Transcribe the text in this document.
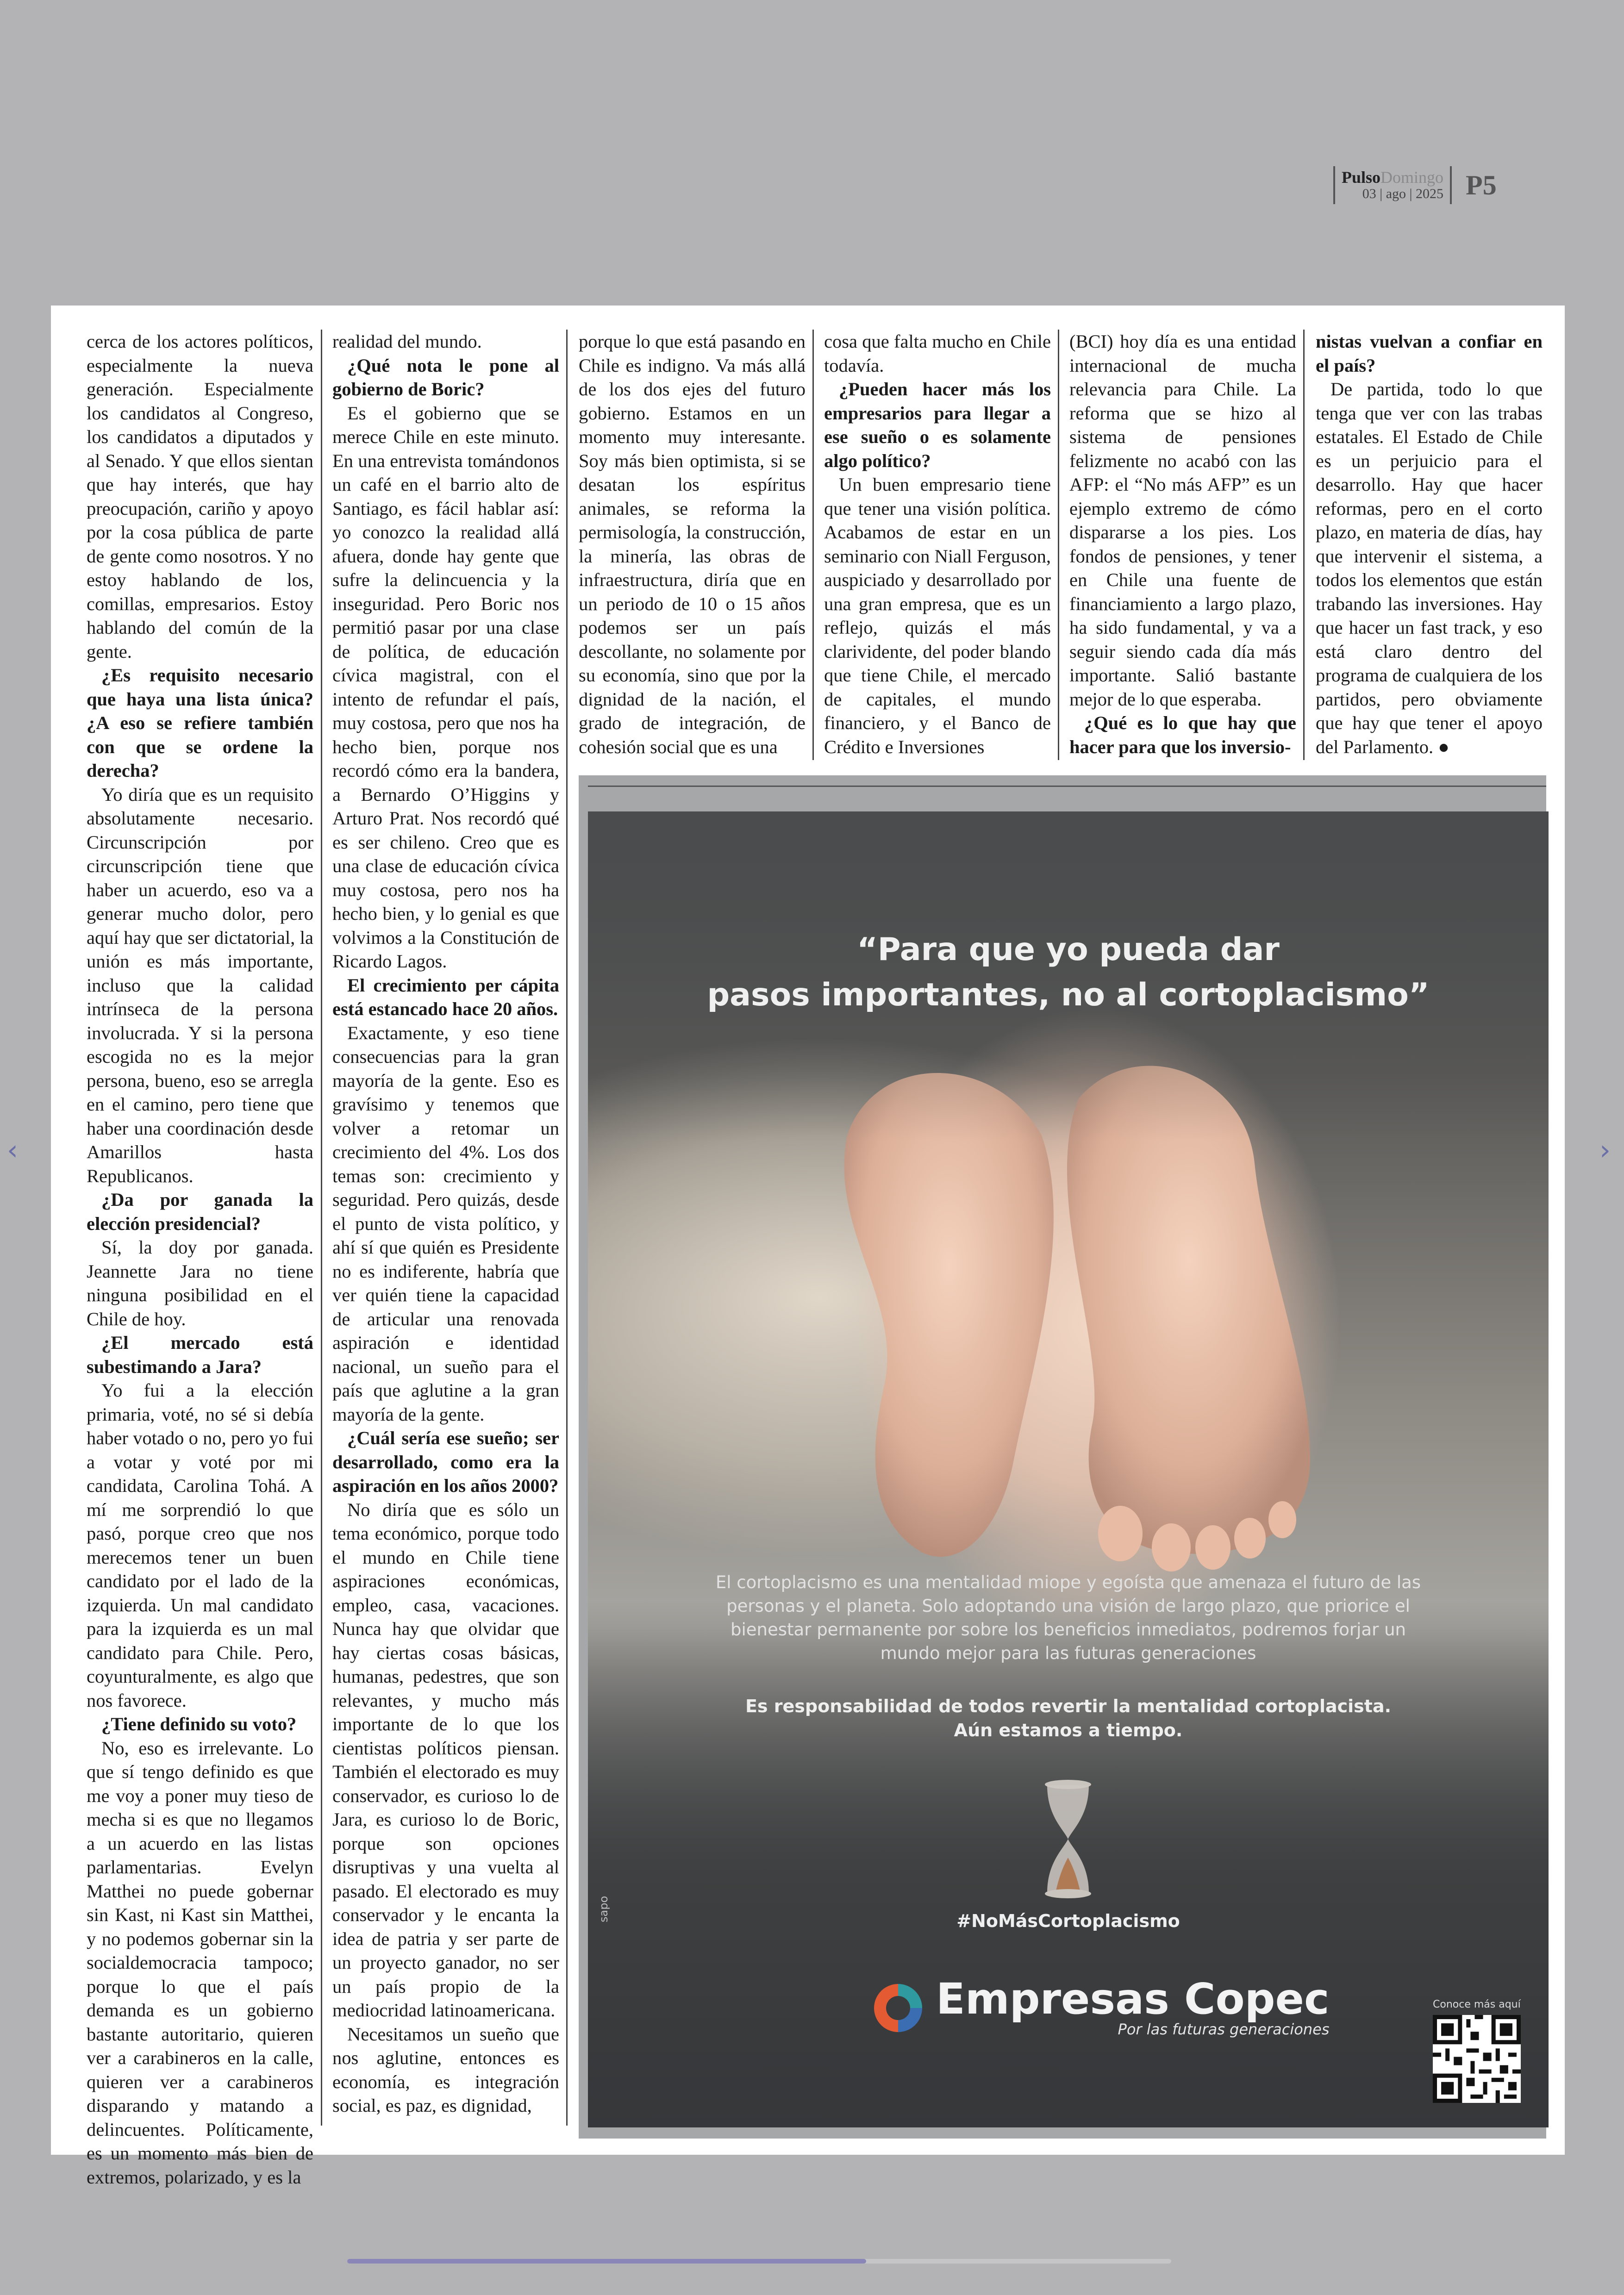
PulsoDomingo
03 | ago | 2025 P5

cerca de los actores políticos, especialmente la nueva generación. Especialmente los candidatos al Congreso, los candidatos a diputados y al Senado. Y que ellos sientan que hay interés, que hay preocupación, cariño y apoyo por la cosa pública de parte de gente como nosotros. Y no estoy hablando de los, comillas, empresarios. Estoy hablando del común de la gente.

¿Es requisito necesario que haya una lista única? ¿A eso se refiere también con que se ordene la derecha?

Yo diría que es un requisito absolutamente necesario. Circunscripción por circunscripción tiene que haber un acuerdo, eso va a generar mucho dolor, pero aquí hay que ser dictatorial, la unión es más importante, incluso que la calidad intrínseca de la persona involucrada. Y si la persona escogida no es la mejor persona, bueno, eso se arregla en el camino, pero tiene que haber una coordinación desde Amarillos hasta Republicanos.

¿Da por ganada la elección presidencial?

Sí, la doy por ganada. Jeannette Jara no tiene ninguna posibilidad en el Chile de hoy.

¿El mercado está subestimando a Jara?

Yo fui a la elección primaria, voté, no sé si debía haber votado o no, pero yo fui a votar y voté por mi candidata, Carolina Tohá. A mí me sorprendió lo que pasó, porque creo que nos merecemos tener un buen candidato por el lado de la izquierda. Un mal candidato para la izquierda es un mal candidato para Chile. Pero, coyunturalmente, es algo que nos favorece.

¿Tiene definido su voto?

No, eso es irrelevante. Lo que sí tengo definido es que me voy a poner muy tieso de mecha si es que no llegamos a un acuerdo en las listas parlamentarias. Evelyn Matthei no puede gobernar sin Kast, ni Kast sin Matthei, y no podemos gobernar sin la socialdemocracia tampoco; porque lo que el país demanda es un gobierno bastante autoritario, quieren ver a carabineros en la calle, quieren ver a carabineros disparando y matando a delincuentes. Políticamente, es un momento más bien de extremos, polarizado, y es la

realidad del mundo.

¿Qué nota le pone al gobierno de Boric?

Es el gobierno que se merece Chile en este minuto. En una entrevista tomándonos un café en el barrio alto de Santiago, es fácil hablar así: yo conozco la realidad allá afuera, donde hay gente que sufre la delincuencia y la inseguridad. Pero Boric nos permitió pasar por una clase de política, de educación cívica magistral, con el intento de refundar el país, muy costosa, pero que nos ha hecho bien, porque nos recordó cómo era la bandera, a Bernardo O’Higgins y Arturo Prat. Nos recordó qué es ser chileno. Creo que es una clase de educación cívica muy costosa, pero nos ha hecho bien, y lo genial es que volvimos a la Constitución de Ricardo Lagos.

El crecimiento per cápita está estancado hace 20 años.

Exactamente, y eso tiene consecuencias para la gran mayoría de la gente. Eso es gravísimo y tenemos que volver a retomar un crecimiento del 4%. Los dos temas son: crecimiento y seguridad. Pero quizás, desde el punto de vista político, y ahí sí que quién es Presidente no es indiferente, habría que ver quién tiene la capacidad de articular una renovada aspiración e identidad nacional, un sueño para el país que aglutine a la gran mayoría de la gente.

¿Cuál sería ese sueño; ser desarrollado, como era la aspiración en los años 2000?

No diría que es sólo un tema económico, porque todo el mundo en Chile tiene aspiraciones económicas, empleo, casa, vacaciones. Nunca hay que olvidar que hay ciertas cosas básicas, humanas, pedestres, que son relevantes, y mucho más importante de lo que los cientistas políticos piensan. También el electorado es muy conservador, es curioso lo de Jara, es curioso lo de Boric, porque son opciones disruptivas y una vuelta al pasado. El electorado es muy conservador y le encanta la idea de patria y ser parte de un proyecto ganador, no ser un país propio de la mediocridad latinoamericana.

Necesitamos un sueño que nos aglutine, entonces es economía, es integración social, es paz, es dignidad,

porque lo que está pasando en Chile es indigno. Va más allá de los dos ejes del futuro gobierno. Estamos en un momento muy interesante. Soy más bien optimista, si se desatan los espíritus animales, se reforma la permisología, la construcción, la minería, las obras de infraestructura, diría que en un periodo de 10 o 15 años podemos ser un país descollante, no solamente por su economía, sino que por la dignidad de la nación, el grado de integración, de cohesión social que es una

cosa que falta mucho en Chile todavía.

¿Pueden hacer más los empresarios para llegar a ese sueño o es solamente algo político?

Un buen empresario tiene que tener una visión política. Acabamos de estar en un seminario con Niall Ferguson, auspiciado y desarrollado por una gran empresa, que es un reflejo, quizás el más clarividente, del poder blando que tiene Chile, el mercado de capitales, el mundo financiero, y el Banco de Crédito e Inversiones

(BCI) hoy día es una entidad internacional de mucha relevancia para Chile. La reforma que se hizo al sistema de pensiones felizmente no acabó con las AFP: el “No más AFP” es un ejemplo extremo de cómo dispararse a los pies. Los fondos de pensiones, y tener en Chile una fuente de financiamiento a largo plazo, ha sido fundamental, y va a seguir siendo cada día más importante. Salió bastante mejor de lo que esperaba.

¿Qué es lo que hay que hacer para que los inversio-

nistas vuelvan a confiar en el país?

De partida, todo lo que tenga que ver con las trabas estatales. El Estado de Chile es un perjuicio para el desarrollo. Hay que hacer reformas, pero en el corto plazo, en materia de días, hay que intervenir el sistema, a todos los elementos que están trabando las inversiones. Hay que hacer un fast track, y eso está claro dentro del programa de cualquiera de los partidos, pero obviamente que hay que tener el apoyo del Parlamento. ●

“Para que yo pueda dar
pasos importantes, no al cortoplacismo”
El cortoplacismo es una mentalidad miope y egoísta que amenaza el futuro de las personas y el planeta. Solo adoptando una visión de largo plazo, que priorice el bienestar permanente por sobre los beneficios inmediatos, podremos forjar un mundo mejor para las futuras generaciones
Es responsabilidad de todos revertir la mentalidad cortoplacista.
Aún estamos a tiempo.
#NoMásCortoplacismo
Empresas Copec
Por las futuras generaciones
sapo
Conoce más aquí
‹	›
